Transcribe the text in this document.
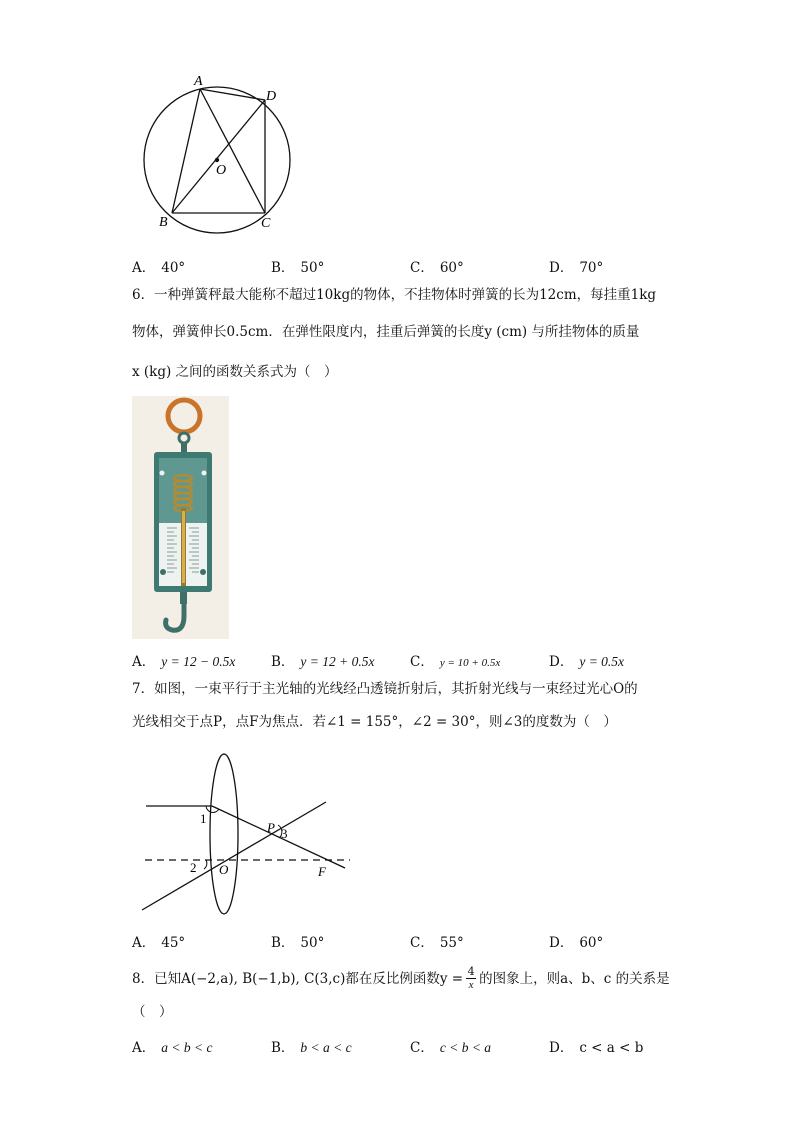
A
D
O
B	C
A． 40°	B． 50°	C． 60°	D． 70°
6．一种弹簧秤最大能称不超过10kg的物体，不挂物体时弹簧的长为12cm，每挂重1kg
物体，弹簧伸长0.5cm．在弹性限度内，挂重后弹簧的长度y (cm) 与所挂物体的质量
x (kg) 之间的函数关系式为（　）
A． y = 12 − 0.5x	B． y = 12 + 0.5x	C． y = 10 + 0.5x	D． y = 0.5x
7．如图，一束平行于主光轴的光线经凸透镜折射后，其折射光线与一束经过光心O的
光线相交于点P，点F为焦点．若∠1 = 155°，∠2 = 30°，则∠3的度数为（　）
1
P 3
2 O	F
A． 45°	B． 50°	C． 55°	D． 60°
8．已知A(−2,a), B(−1,b), C(3,c)都在反比例函数y = 4
x 的图象上，则a、b、c 的关系是
（　）
A． a < b < c	B． b < a < c	C． c < b < a	D． c < a < b
